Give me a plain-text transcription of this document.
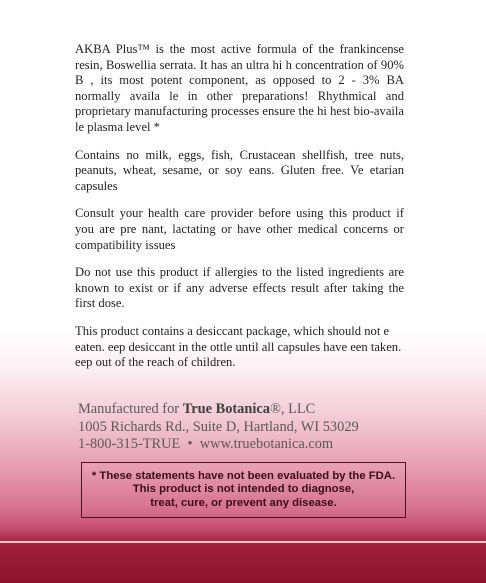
AKBA Plus™ is the most active formula of the frankincense resin, Boswellia serrata. It has an ultra hi h concentration of 90% B , its most potent component, as opposed to 2 - 3% BA normally availa le in other preparations! Rhythmical and proprietary manufacturing processes ensure the hi hest bio-availa le plasma level *

Contains no milk, eggs, fish, Crustacean shellfish, tree nuts, peanuts, wheat, sesame, or soy eans. Gluten free. Ve etarian capsules

Consult your health care provider before using this product if you are pre nant, lactating or have other medical concerns or compatibility issues

Do not use this product if allergies to the listed ingredients are known to exist or if any adverse effects result after taking the first dose.

This product contains a desiccant package, which should not e eaten. eep desiccant in the ottle until all capsules have een taken. eep out of the reach of children.

Manufactured for True Botanica®, LLC
1005 Richards Rd., Suite D, Hartland, WI 53029
1-800-315-TRUE • www.truebotanica.com
* These statements have not been evaluated by the FDA.
This product is not intended to diagnose,
treat, cure, or prevent any disease.
